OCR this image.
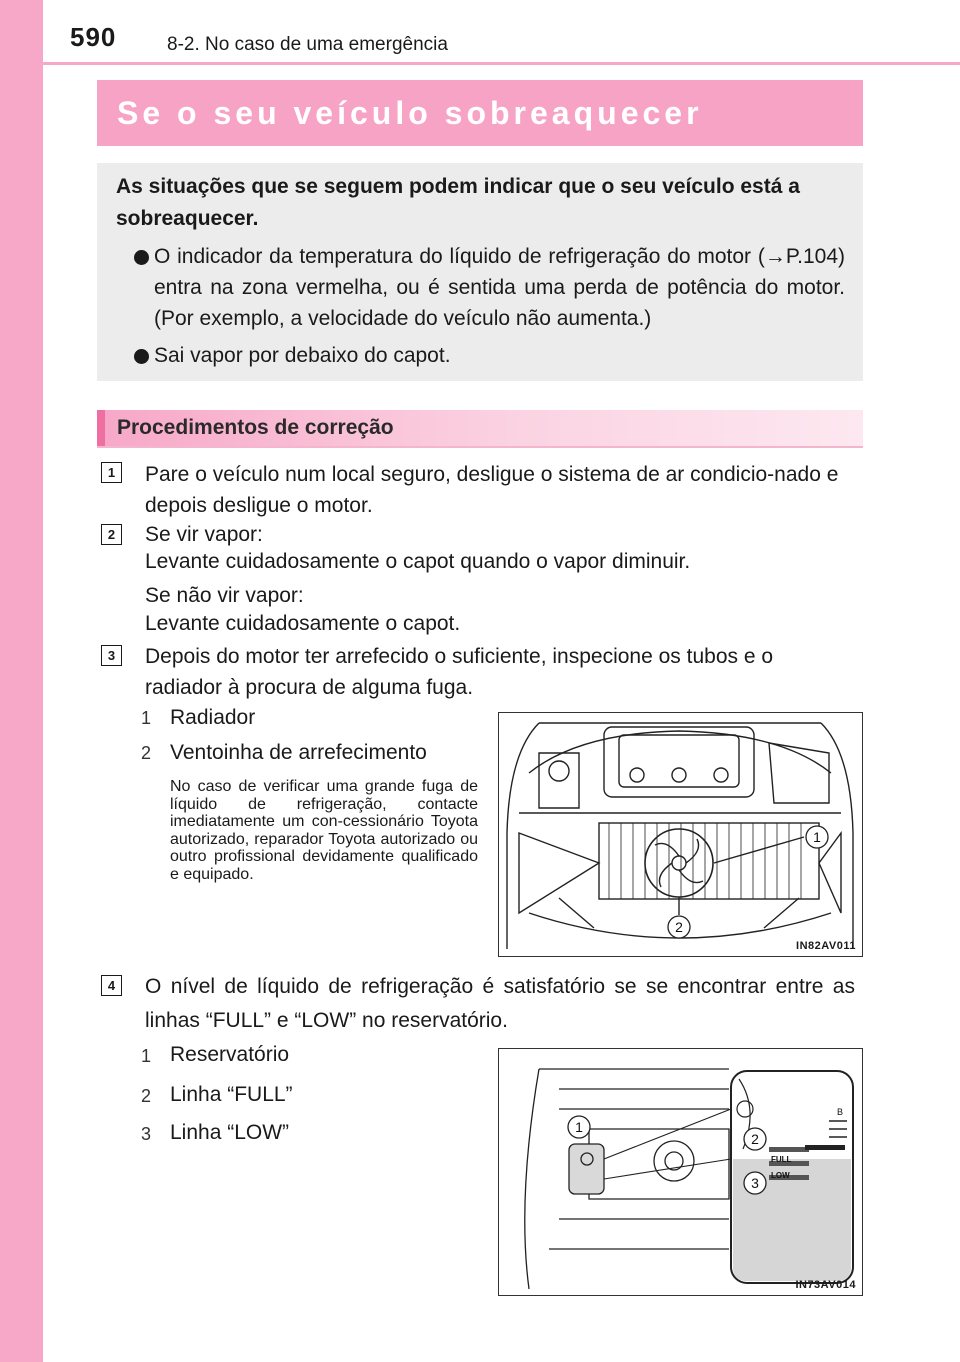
590	8-2. No caso de uma emergência
Se o seu veículo sobreaquecer
As situações que se seguem podem indicar que o seu veículo está a sobreaquecer.
O indicador da temperatura do líquido de refrigeração do motor (→P.104) entra na zona vermelha, ou é sentida uma perda de potência do motor. (Por exemplo, a velocidade do veículo não aumenta.)
Sai vapor por debaixo do capot.
Procedimentos de correção
1	Pare o veículo num local seguro, desligue o sistema de ar condicio-nado e depois desligue o motor.
2	Se vir vapor:
Levante cuidadosamente o capot quando o vapor diminuir.
Se não vir vapor:
Levante cuidadosamente o capot.
3	Depois do motor ter arrefecido o suficiente, inspecione os tubos e o radiador à procura de alguma fuga.
1 Radiador
2 Ventoinha de arrefecimento
No caso de verificar uma grande fuga de líquido de refrigeração, contacte imediatamente um con-cessionário Toyota autorizado, reparador Toyota autorizado ou outro profissional devidamente qualificado e equipado.
1
2
IN82AV011
4	O nível de líquido de refrigeração é satisfatório se se encontrar entre as linhas “FULL” e “LOW” no reservatório.
1 Reservatório
2 Linha “FULL”
3 Linha “LOW”
B
FULL
LOW
1
2
3
IN73AV014
